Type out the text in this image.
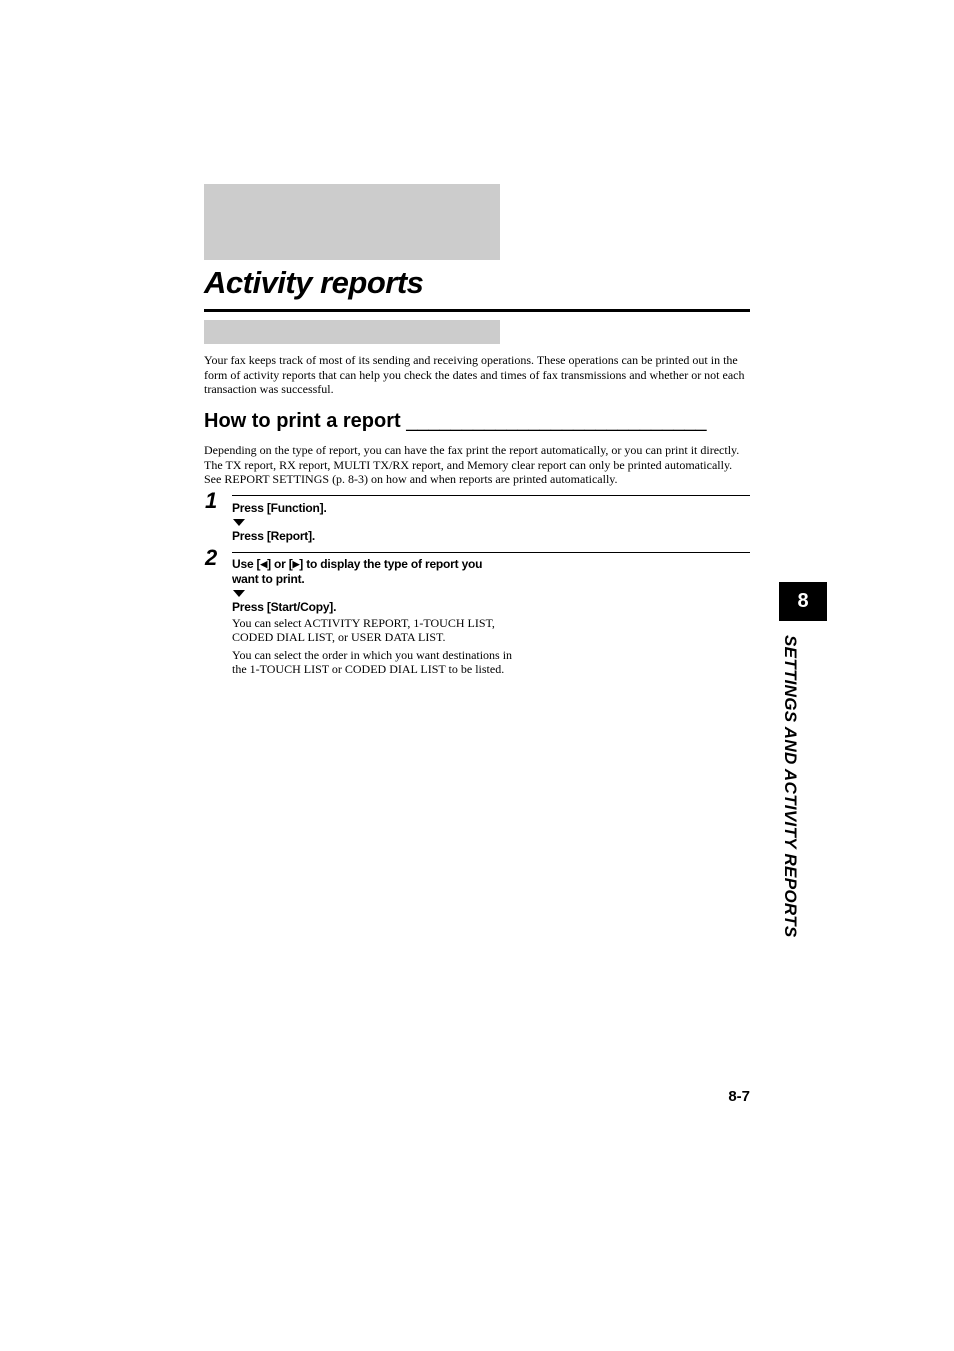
Activity reports

Your fax keeps track of most of its sending and receiving operations. These operations can be printed out in the form of activity reports that can help you check the dates and times of fax transmissions and whether or not each transaction was successful.

How to print a report ___________________________

Depending on the type of report, you can have the fax print the report automatically, or you can print it directly. The TX report, RX report, MULTI TX/RX report, and Memory clear report can only be printed automatically. See REPORT SETTINGS (p. 8-3) on how and when reports are printed automatically.

1 Press [Function].

Press [Report].

2 Use [◀] or [▶] to display the type of report you

want to print.

Press [Start/Copy].

You can select ACTIVITY REPORT, 1-TOUCH LIST, CODED DIAL LIST, or USER DATA LIST.

You can select the order in which you want destinations in the 1-TOUCH LIST or CODED DIAL LIST to be listed.

8
SETTINGS AND ACTIVITY REPORTS
8-7
